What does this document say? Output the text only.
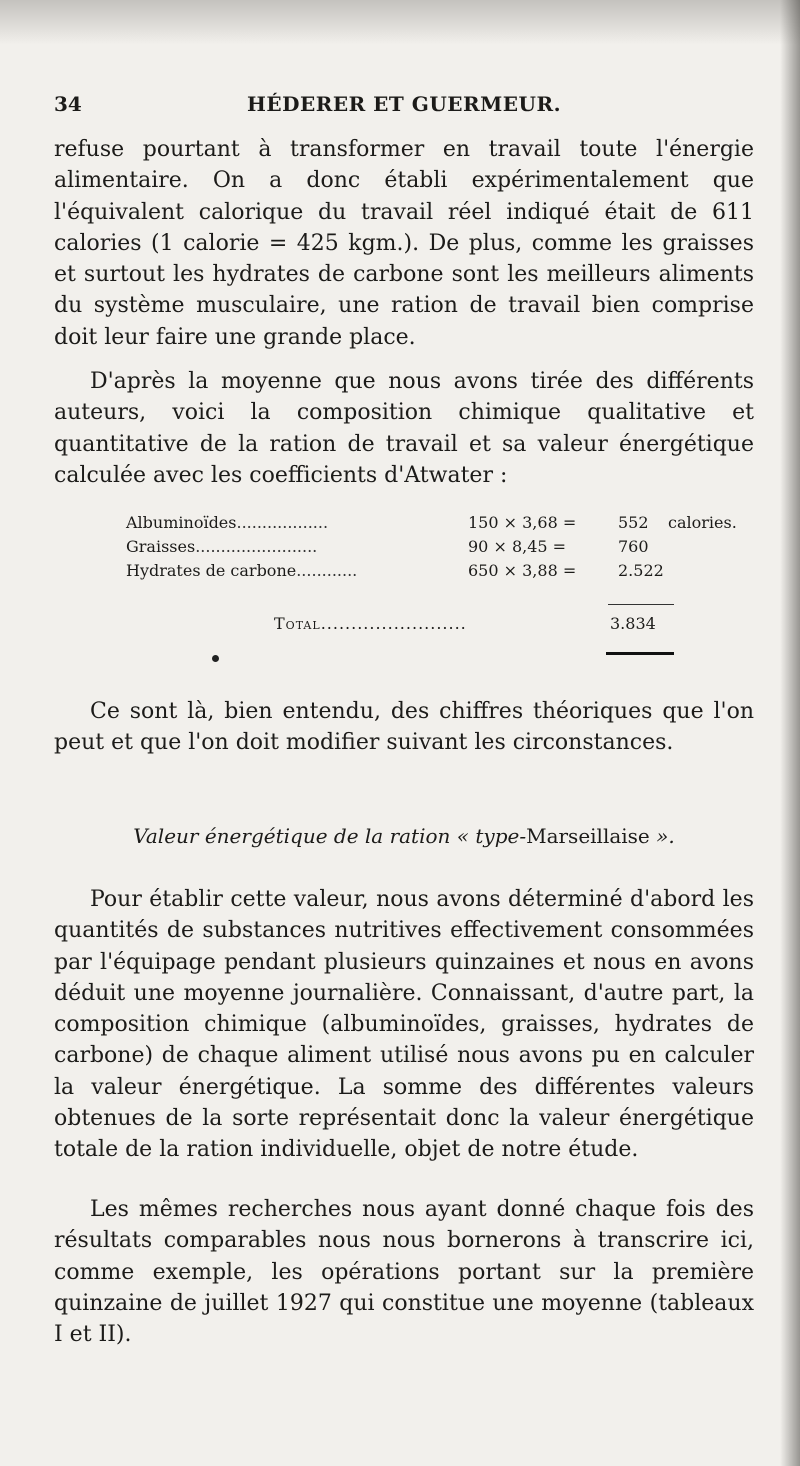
34	HÉDERER ET GUERMEUR.

refuse pourtant à transformer en travail toute l'énergie alimentaire. On a donc établi expérimentalement que l'équivalent calorique du travail réel indiqué était de 611 calories (1 calorie = 425 kgm.). De plus, comme les graisses et surtout les hydrates de carbone sont les meilleurs aliments du système musculaire, une ration de travail bien comprise doit leur faire une grande place.

D'après la moyenne que nous avons tirée des différents auteurs, voici la composition chimique qualitative et quantitative de la ration de travail et sa valeur énergétique calculée avec les coefficients d'Atwater :

Albuminoïdes..................	150 × 3,68 =	552	calories.
Graisses........................	90 × 8,45 =	760	
Hydrates de carbone............	650 × 3,88 =	2.522	
Total........................	3.834

Ce sont là, bien entendu, des chiffres théoriques que l'on peut et que l'on doit modifier suivant les circonstances.

Valeur énergétique de la ration « type-Marseillaise ».

Pour établir cette valeur, nous avons déterminé d'abord les quantités de substances nutritives effectivement consommées par l'équipage pendant plusieurs quinzaines et nous en avons déduit une moyenne journalière. Connaissant, d'autre part, la composition chimique (albuminoïdes, graisses, hydrates de carbone) de chaque aliment utilisé nous avons pu en calculer la valeur énergétique. La somme des différentes valeurs obtenues de la sorte représentait donc la valeur énergétique totale de la ration individuelle, objet de notre étude.

Les mêmes recherches nous ayant donné chaque fois des résultats comparables nous nous bornerons à transcrire ici, comme exemple, les opérations portant sur la première quinzaine de juillet 1927 qui constitue une moyenne (tableaux I et II).
